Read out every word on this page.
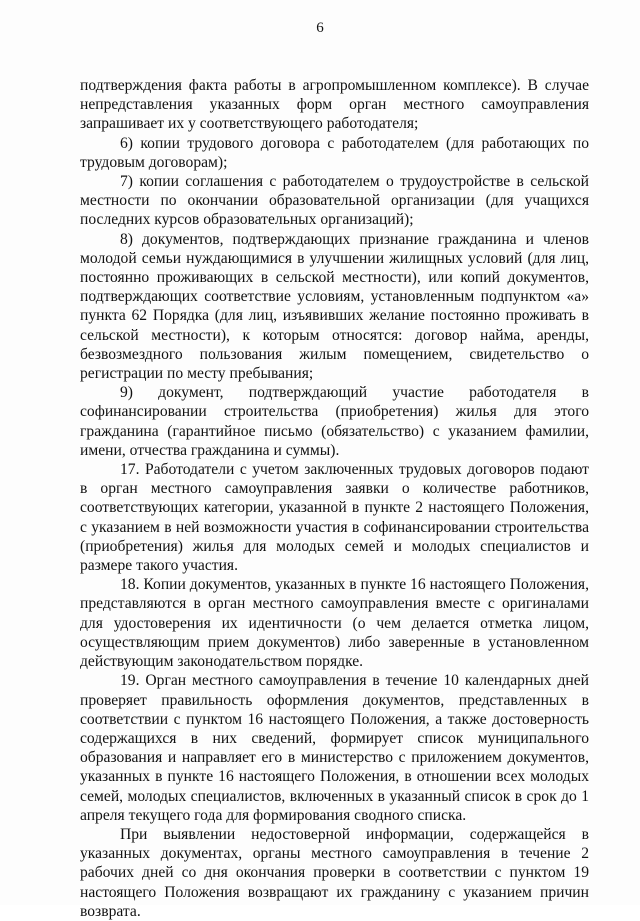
6

подтверждения факта работы в агропромышленном комплексе). В случае непредставления указанных форм орган местного самоуправления запрашивает их у соответствующего работодателя;

6) копии трудового договора с работодателем (для работающих по трудовым договорам);

7) копии соглашения с работодателем о трудоустройстве в сельской местности по окончании образовательной организации (для учащихся последних курсов образовательных организаций);

8) документов, подтверждающих признание гражданина и членов молодой семьи нуждающимися в улучшении жилищных условий (для лиц, постоянно проживающих в сельской местности), или копий документов, подтверждающих соответствие условиям, установленным подпунктом «а» пункта 62 Порядка (для лиц, изъявивших желание постоянно проживать в сельской местности), к которым относятся: договор найма, аренды, безвозмездного пользования жилым помещением, свидетельство о регистрации по месту пребывания;

9) документ, подтверждающий участие работодателя в софинансировании строительства (приобретения) жилья для этого гражданина (гарантийное письмо (обязательство) с указанием фамилии, имени, отчества гражданина и суммы).

17. Работодатели с учетом заключенных трудовых договоров подают в орган местного самоуправления заявки о количестве работников, соответствующих категории, указанной в пункте 2 настоящего Положения, с указанием в ней возможности участия в софинансировании строительства (приобретения) жилья для молодых семей и молодых специалистов и размере такого участия.

18. Копии документов, указанных в пункте 16 настоящего Положения, представляются в орган местного самоуправления вместе с оригиналами для удостоверения их идентичности (о чем делается отметка лицом, осуществляющим прием документов) либо заверенные в установленном действующим законодательством порядке.

19. Орган местного самоуправления в течение 10 календарных дней проверяет правильность оформления документов, представленных в соответствии с пунктом 16 настоящего Положения, а также достоверность содержащихся в них сведений, формирует список муниципального образования и направляет его в министерство с приложением документов, указанных в пункте 16 настоящего Положения, в отношении всех молодых семей, молодых специалистов, включенных в указанный список в срок до 1 апреля текущего года для формирования сводного списка.

При выявлении недостоверной информации, содержащейся в указанных документах, органы местного самоуправления в течение 2 рабочих дней со дня окончания проверки в соответствии с пунктом 19 настоящего Положения возвращают их гражданину с указанием причин возврата.
